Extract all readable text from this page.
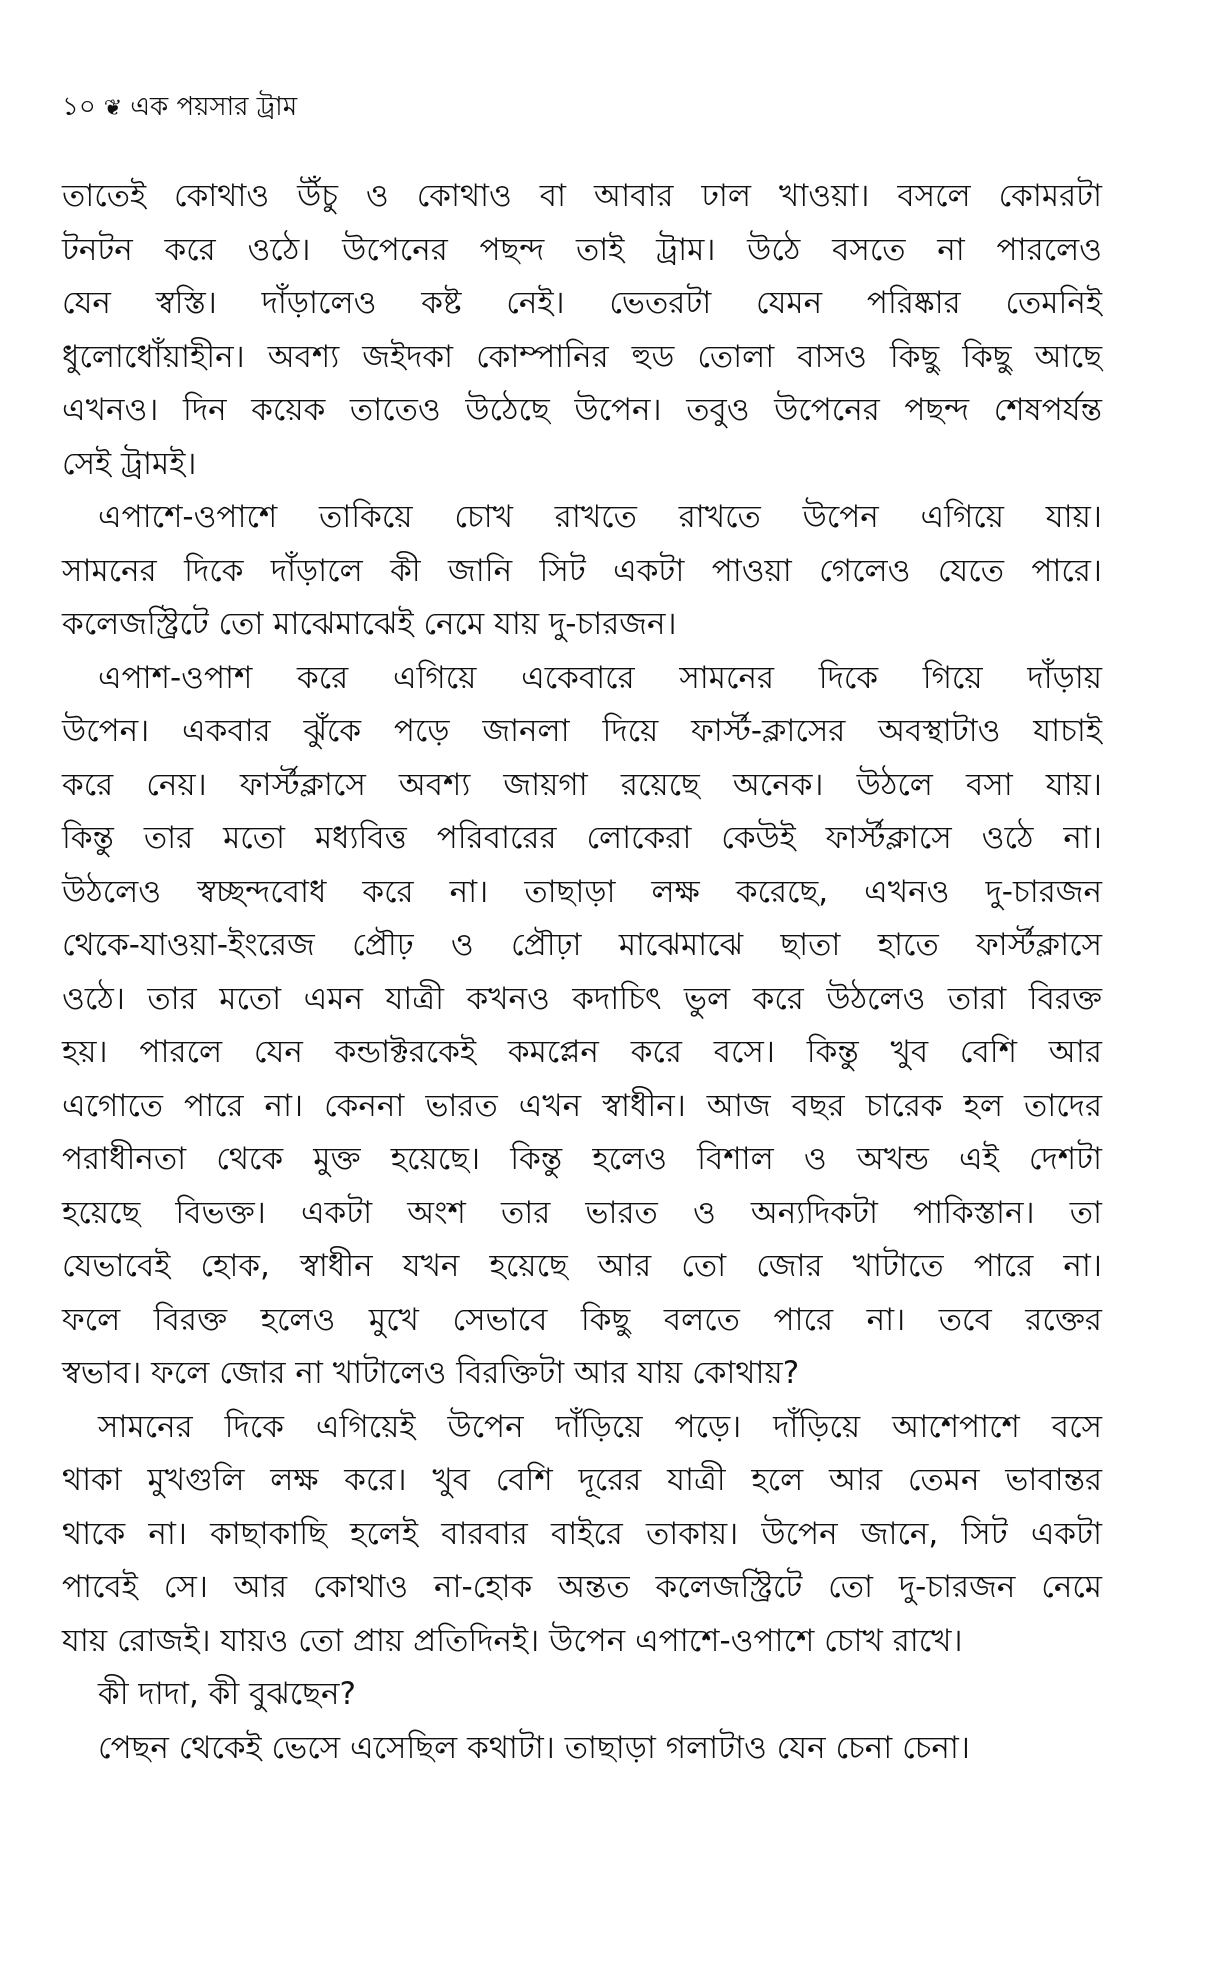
১০ ❦ এক পয়সার ট্রাম
তাতেই কোথাও উঁচু ও কোথাও বা আবার ঢাল খাওয়া। বসলে কোমরটা
টনটন করে ওঠে। উপেনের পছন্দ তাই ট্রাম। উঠে বসতে না পারলেও
যেন স্বস্তি। দাঁড়ালেও কষ্ট নেই। ভেতরটা যেমন পরিষ্কার তেমনিই
ধুলোধোঁয়াহীন। অবশ্য জইদকা কোম্পানির হুড তোলা বাসও কিছু কিছু আছে
এখনও। দিন কয়েক তাতেও উঠেছে উপেন। তবুও উপেনের পছন্দ শেষপর্যন্ত
সেই ট্রামই।
এপাশে-ওপাশে তাকিয়ে চোখ রাখতে রাখতে উপেন এগিয়ে যায়।
সামনের দিকে দাঁড়ালে কী জানি সিট একটা পাওয়া গেলেও যেতে পারে।
কলেজস্ট্রিটে তো মাঝেমাঝেই নেমে যায় দু-চারজন।
এপাশ-ওপাশ করে এগিয়ে একেবারে সামনের দিকে গিয়ে দাঁড়ায়
উপেন। একবার ঝুঁকে পড়ে জানলা দিয়ে ফার্স্ট-ক্লাসের অবস্থাটাও যাচাই
করে নেয়। ফার্স্টক্লাসে অবশ্য জায়গা রয়েছে অনেক। উঠলে বসা যায়।
কিন্তু তার মতো মধ্যবিত্ত পরিবারের লোকেরা কেউই ফার্স্টক্লাসে ওঠে না।
উঠলেও স্বচ্ছন্দবোধ করে না। তাছাড়া লক্ষ করেছে, এখনও দু-চারজন
থেকে-যাওয়া-ইংরেজ প্রৌঢ় ও প্রৌঢ়া মাঝেমাঝে ছাতা হাতে ফার্স্টক্লাসে
ওঠে। তার মতো এমন যাত্রী কখনও কদাচিৎ ভুল করে উঠলেও তারা বিরক্ত
হয়। পারলে যেন কন্ডাক্টরকেই কমপ্লেন করে বসে। কিন্তু খুব বেশি আর
এগোতে পারে না। কেননা ভারত এখন স্বাধীন। আজ বছর চারেক হল তাদের
পরাধীনতা থেকে মুক্ত হয়েছে। কিন্তু হলেও বিশাল ও অখন্ড এই দেশটা
হয়েছে বিভক্ত। একটা অংশ তার ভারত ও অন্যদিকটা পাকিস্তান। তা
যেভাবেই হোক, স্বাধীন যখন হয়েছে আর তো জোর খাটাতে পারে না।
ফলে বিরক্ত হলেও মুখে সেভাবে কিছু বলতে পারে না। তবে রক্তের
স্বভাব। ফলে জোর না খাটালেও বিরক্তিটা আর যায় কোথায়?
সামনের দিকে এগিয়েই উপেন দাঁড়িয়ে পড়ে। দাঁড়িয়ে আশেপাশে বসে
থাকা মুখগুলি লক্ষ করে। খুব বেশি দূরের যাত্রী হলে আর তেমন ভাবান্তর
থাকে না। কাছাকাছি হলেই বারবার বাইরে তাকায়। উপেন জানে, সিট একটা
পাবেই সে। আর কোথাও না-হোক অন্তত কলেজস্ট্রিটে তো দু-চারজন নেমে
যায় রোজই। যায়ও তো প্রায় প্রতিদিনই। উপেন এপাশে-ওপাশে চোখ রাখে।
কী দাদা, কী বুঝছেন?
পেছন থেকেই ভেসে এসেছিল কথাটা। তাছাড়া গলাটাও যেন চেনা চেনা।
